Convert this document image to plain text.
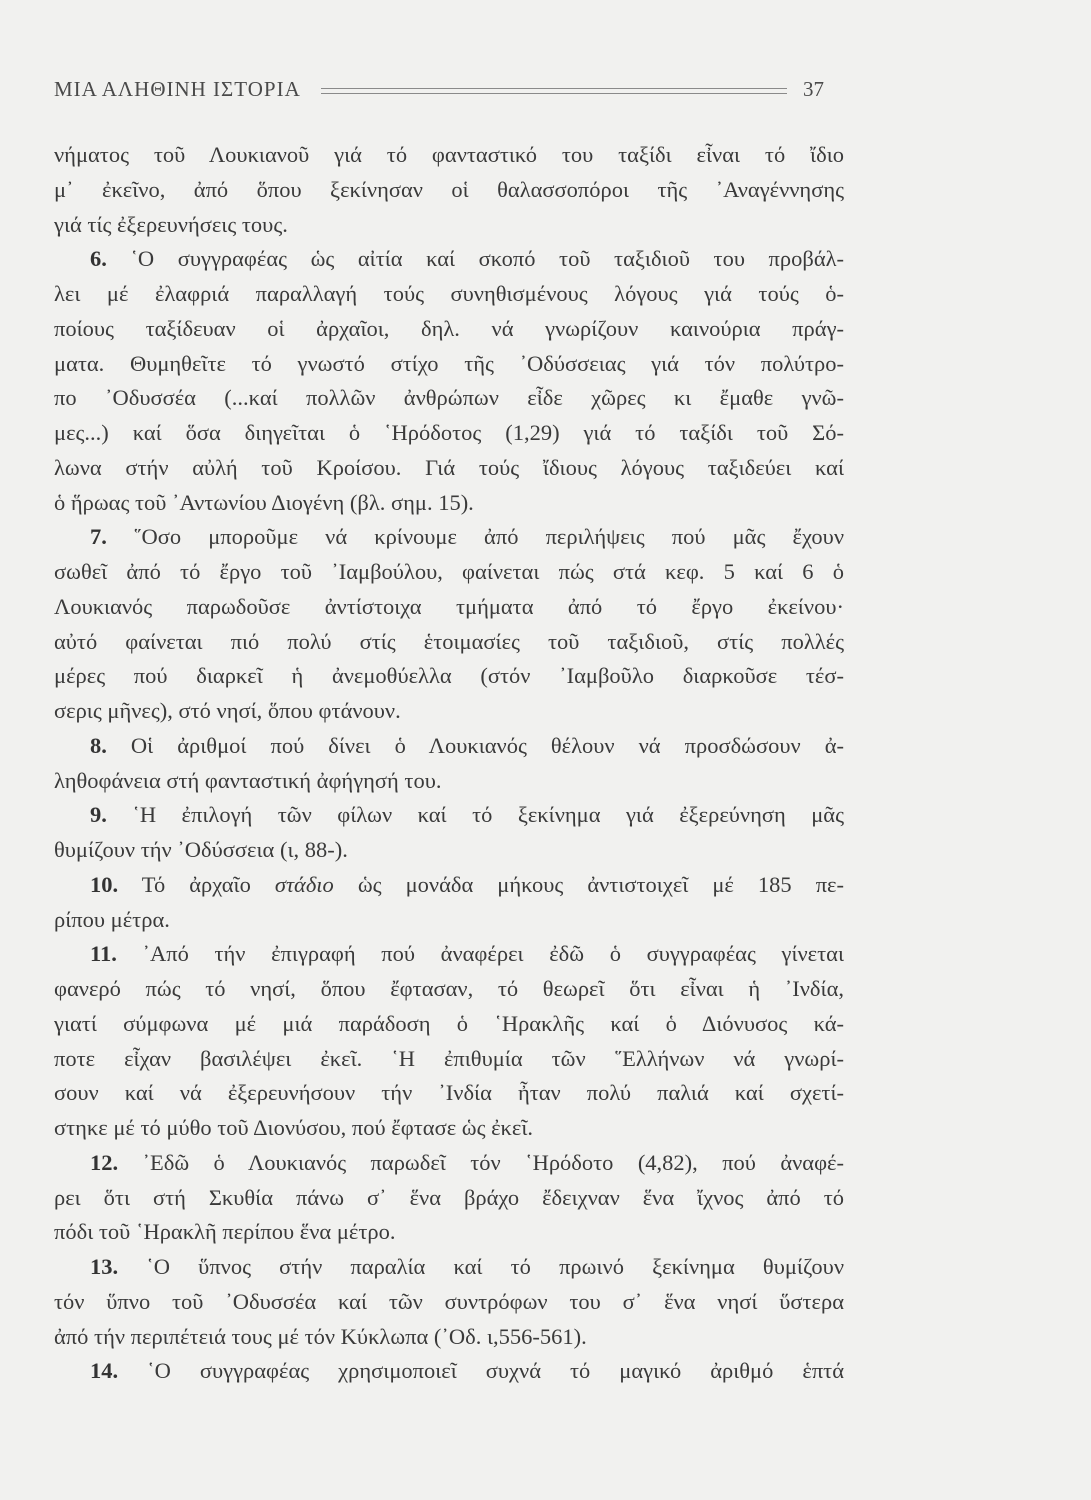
ΜΙΑ ΑΛΗΘΙΝΗ ΙΣΤΟΡΙΑ	37
νήματος τοῦ Λουκιανοῦ γιά τό φανταστικό του ταξίδι εἶναι τό ἴδιο
μ᾽ ἐκεῖνο, ἀπό ὅπου ξεκίνησαν οἱ θαλασσοπόροι τῆς ᾽Αναγέννησης
γιά τίς ἐξερευνήσεις τους.
6. ῾Ο συγγραφέας ὡς αἰτία καί σκοπό τοῦ ταξιδιοῦ του προβάλ-
λει μέ ἐλαφριά παραλλαγή τούς συνηθισμένους λόγους γιά τούς ὁ-
ποίους ταξίδευαν οἱ ἀρχαῖοι, δηλ. νά γνωρίζουν καινούρια πράγ-
ματα. Θυμηθεῖτε τό γνωστό στίχο τῆς ᾽Οδύσσειας γιά τόν πολύτρο-
πο ᾽Οδυσσέα (...καί πολλῶν ἀνθρώπων εἶδε χῶρες κι ἔμαθε γνῶ-
μες...) καί ὅσα διηγεῖται ὁ ῾Ηρόδοτος (1,29) γιά τό ταξίδι τοῦ Σό-
λωνα στήν αὐλή τοῦ Κροίσου. Γιά τούς ἴδιους λόγους ταξιδεύει καί
ὁ ἥρωας τοῦ ᾽Αντωνίου Διογένη (βλ. σημ. 15).
7. ῞Οσο μποροῦμε νά κρίνουμε ἀπό περιλήψεις πού μᾶς ἔχουν
σωθεῖ ἀπό τό ἔργο τοῦ ᾽Ιαμβούλου, φαίνεται πώς στά κεφ. 5 καί 6 ὁ
Λουκιανός παρωδοῦσε ἀντίστοιχα τμήματα ἀπό τό ἔργο ἐκείνου·
αὐτό φαίνεται πιό πολύ στίς ἑτοιμασίες τοῦ ταξιδιοῦ, στίς πολλές
μέρες πού διαρκεῖ ἡ ἀνεμοθύελλα (στόν ᾽Ιαμβοῦλο διαρκοῦσε τέσ-
σερις μῆνες), στό νησί, ὅπου φτάνουν.
8. Οἱ ἀριθμοί πού δίνει ὁ Λουκιανός θέλουν νά προσδώσουν ἀ-
ληθοφάνεια στή φανταστική ἀφήγησή του.
9. ῾Η ἐπιλογή τῶν φίλων καί τό ξεκίνημα γιά ἐξερεύνηση μᾶς
θυμίζουν τήν ᾽Οδύσσεια (ι, 88-).
10. Τό ἀρχαῖο στάδιο ὡς μονάδα μήκους ἀντιστοιχεῖ μέ 185 πε-
ρίπου μέτρα.
11. ᾽Από τήν ἐπιγραφή πού ἀναφέρει ἐδῶ ὁ συγγραφέας γίνεται
φανερό πώς τό νησί, ὅπου ἔφτασαν, τό θεωρεῖ ὅτι εἶναι ἡ ᾽Ινδία,
γιατί σύμφωνα μέ μιά παράδοση ὁ ῾Ηρακλῆς καί ὁ Διόνυσος κά-
ποτε εἶχαν βασιλέψει ἐκεῖ. ῾Η ἐπιθυμία τῶν ῞Ελλήνων νά γνωρί-
σουν καί νά ἐξερευνήσουν τήν ᾽Ινδία ἦταν πολύ παλιά καί σχετί-
στηκε μέ τό μύθο τοῦ Διονύσου, πού ἔφτασε ὡς ἐκεῖ.
12. ᾽Εδῶ ὁ Λουκιανός παρωδεῖ τόν ῾Ηρόδοτο (4,82), πού ἀναφέ-
ρει ὅτι στή Σκυθία πάνω σ᾽ ἕνα βράχο ἔδειχναν ἕνα ἴχνος ἀπό τό
πόδι τοῦ ῾Ηρακλῆ περίπου ἕνα μέτρο.
13. ῾Ο ὕπνος στήν παραλία καί τό πρωινό ξεκίνημα θυμίζουν
τόν ὕπνο τοῦ ᾽Οδυσσέα καί τῶν συντρόφων του σ᾽ ἕνα νησί ὕστερα
ἀπό τήν περιπέτειά τους μέ τόν Κύκλωπα (᾽Οδ. ι,556-561).
14. ῾Ο συγγραφέας χρησιμοποιεῖ συχνά τό μαγικό ἀριθμό ἑπτά
